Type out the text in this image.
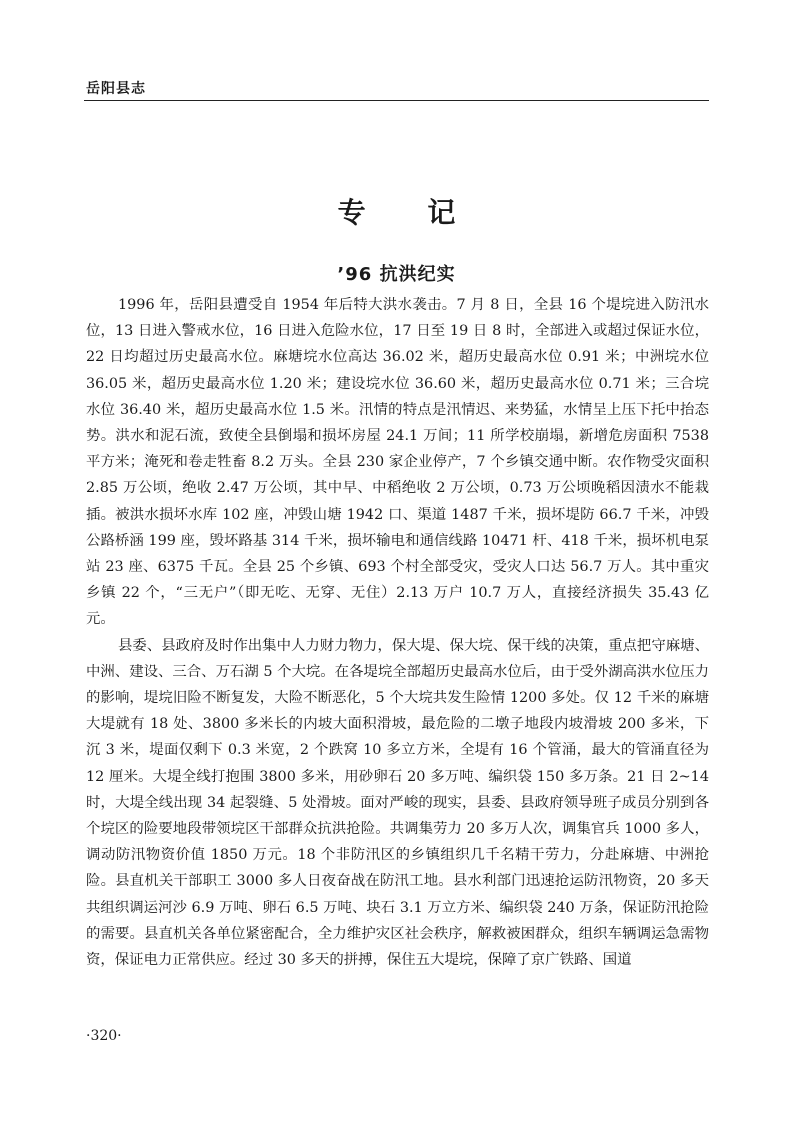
岳阳县志
专 记
’96 抗洪纪实

1996 年，岳阳县遭受自 1954 年后特大洪水袭击。7 月 8 日，全县 16 个堤垸进入防汛水位，13 日进入警戒水位，16 日进入危险水位，17 日至 19 日 8 时，全部进入或超过保证水位，22 日均超过历史最高水位。麻塘垸水位高达 36.02 米，超历史最高水位 0.91 米；中洲垸水位 36.05 米，超历史最高水位 1.20 米；建设垸水位 36.60 米，超历史最高水位 0.71 米；三合垸水位 36.40 米，超历史最高水位 1.5 米。汛情的特点是汛情迟、来势猛，水情呈上压下托中抬态势。洪水和泥石流，致使全县倒塌和损坏房屋 24.1 万间；11 所学校崩塌，新增危房面积 7538 平方米；淹死和卷走牲畜 8.2 万头。全县 230 家企业停产，7 个乡镇交通中断。农作物受灾面积 2.85 万公顷，绝收 2.47 万公顷，其中早、中稻绝收 2 万公顷，0.73 万公顷晚稻因渍水不能栽插。被洪水损坏水库 102 座，冲毁山塘 1942 口、渠道 1487 千米，损坏堤防 66.7 千米，冲毁公路桥涵 199 座，毁坏路基 314 千米，损坏输电和通信线路 10471 杆、418 千米，损坏机电泵站 23 座、6375 千瓦。全县 25 个乡镇、693 个村全部受灾，受灾人口达 56.7 万人。其中重灾乡镇 22 个，“三无户”（即无吃、无穿、无住）2.13 万户 10.7 万人，直接经济损失 35.43 亿元。

县委、县政府及时作出集中人力财力物力，保大堤、保大垸、保干线的决策，重点把守麻塘、中洲、建设、三合、万石湖 5 个大垸。在各堤垸全部超历史最高水位后，由于受外湖高洪水位压力的影响，堤垸旧险不断复发，大险不断恶化，5 个大垸共发生险情 1200 多处。仅 12 千米的麻塘大堤就有 18 处、3800 多米长的内坡大面积滑坡，最危险的二墩子地段内坡滑坡 200 多米，下沉 3 米，堤面仅剩下 0.3 米宽，2 个跌窝 10 多立方米，全堤有 16 个管涌，最大的管涌直径为 12 厘米。大堤全线打抱围 3800 多米，用砂卵石 20 多万吨、编织袋 150 多万条。21 日 2~14 时，大堤全线出现 34 起裂缝、5 处滑坡。面对严峻的现实，县委、县政府领导班子成员分别到各个垸区的险要地段带领垸区干部群众抗洪抢险。共调集劳力 20 多万人次，调集官兵 1000 多人，调动防汛物资价值 1850 万元。18 个非防汛区的乡镇组织几千名精干劳力，分赴麻塘、中洲抢险。县直机关干部职工 3000 多人日夜奋战在防汛工地。县水利部门迅速抢运防汛物资，20 多天共组织调运河沙 6.9 万吨、卵石 6.5 万吨、块石 3.1 万立方米、编织袋 240 万条，保证防汛抢险的需要。县直机关各单位紧密配合，全力维护灾区社会秩序，解救被困群众，组织车辆调运急需物资，保证电力正常供应。经过 30 多天的拼搏，保住五大堤垸，保障了京广铁路、国道

·320·
